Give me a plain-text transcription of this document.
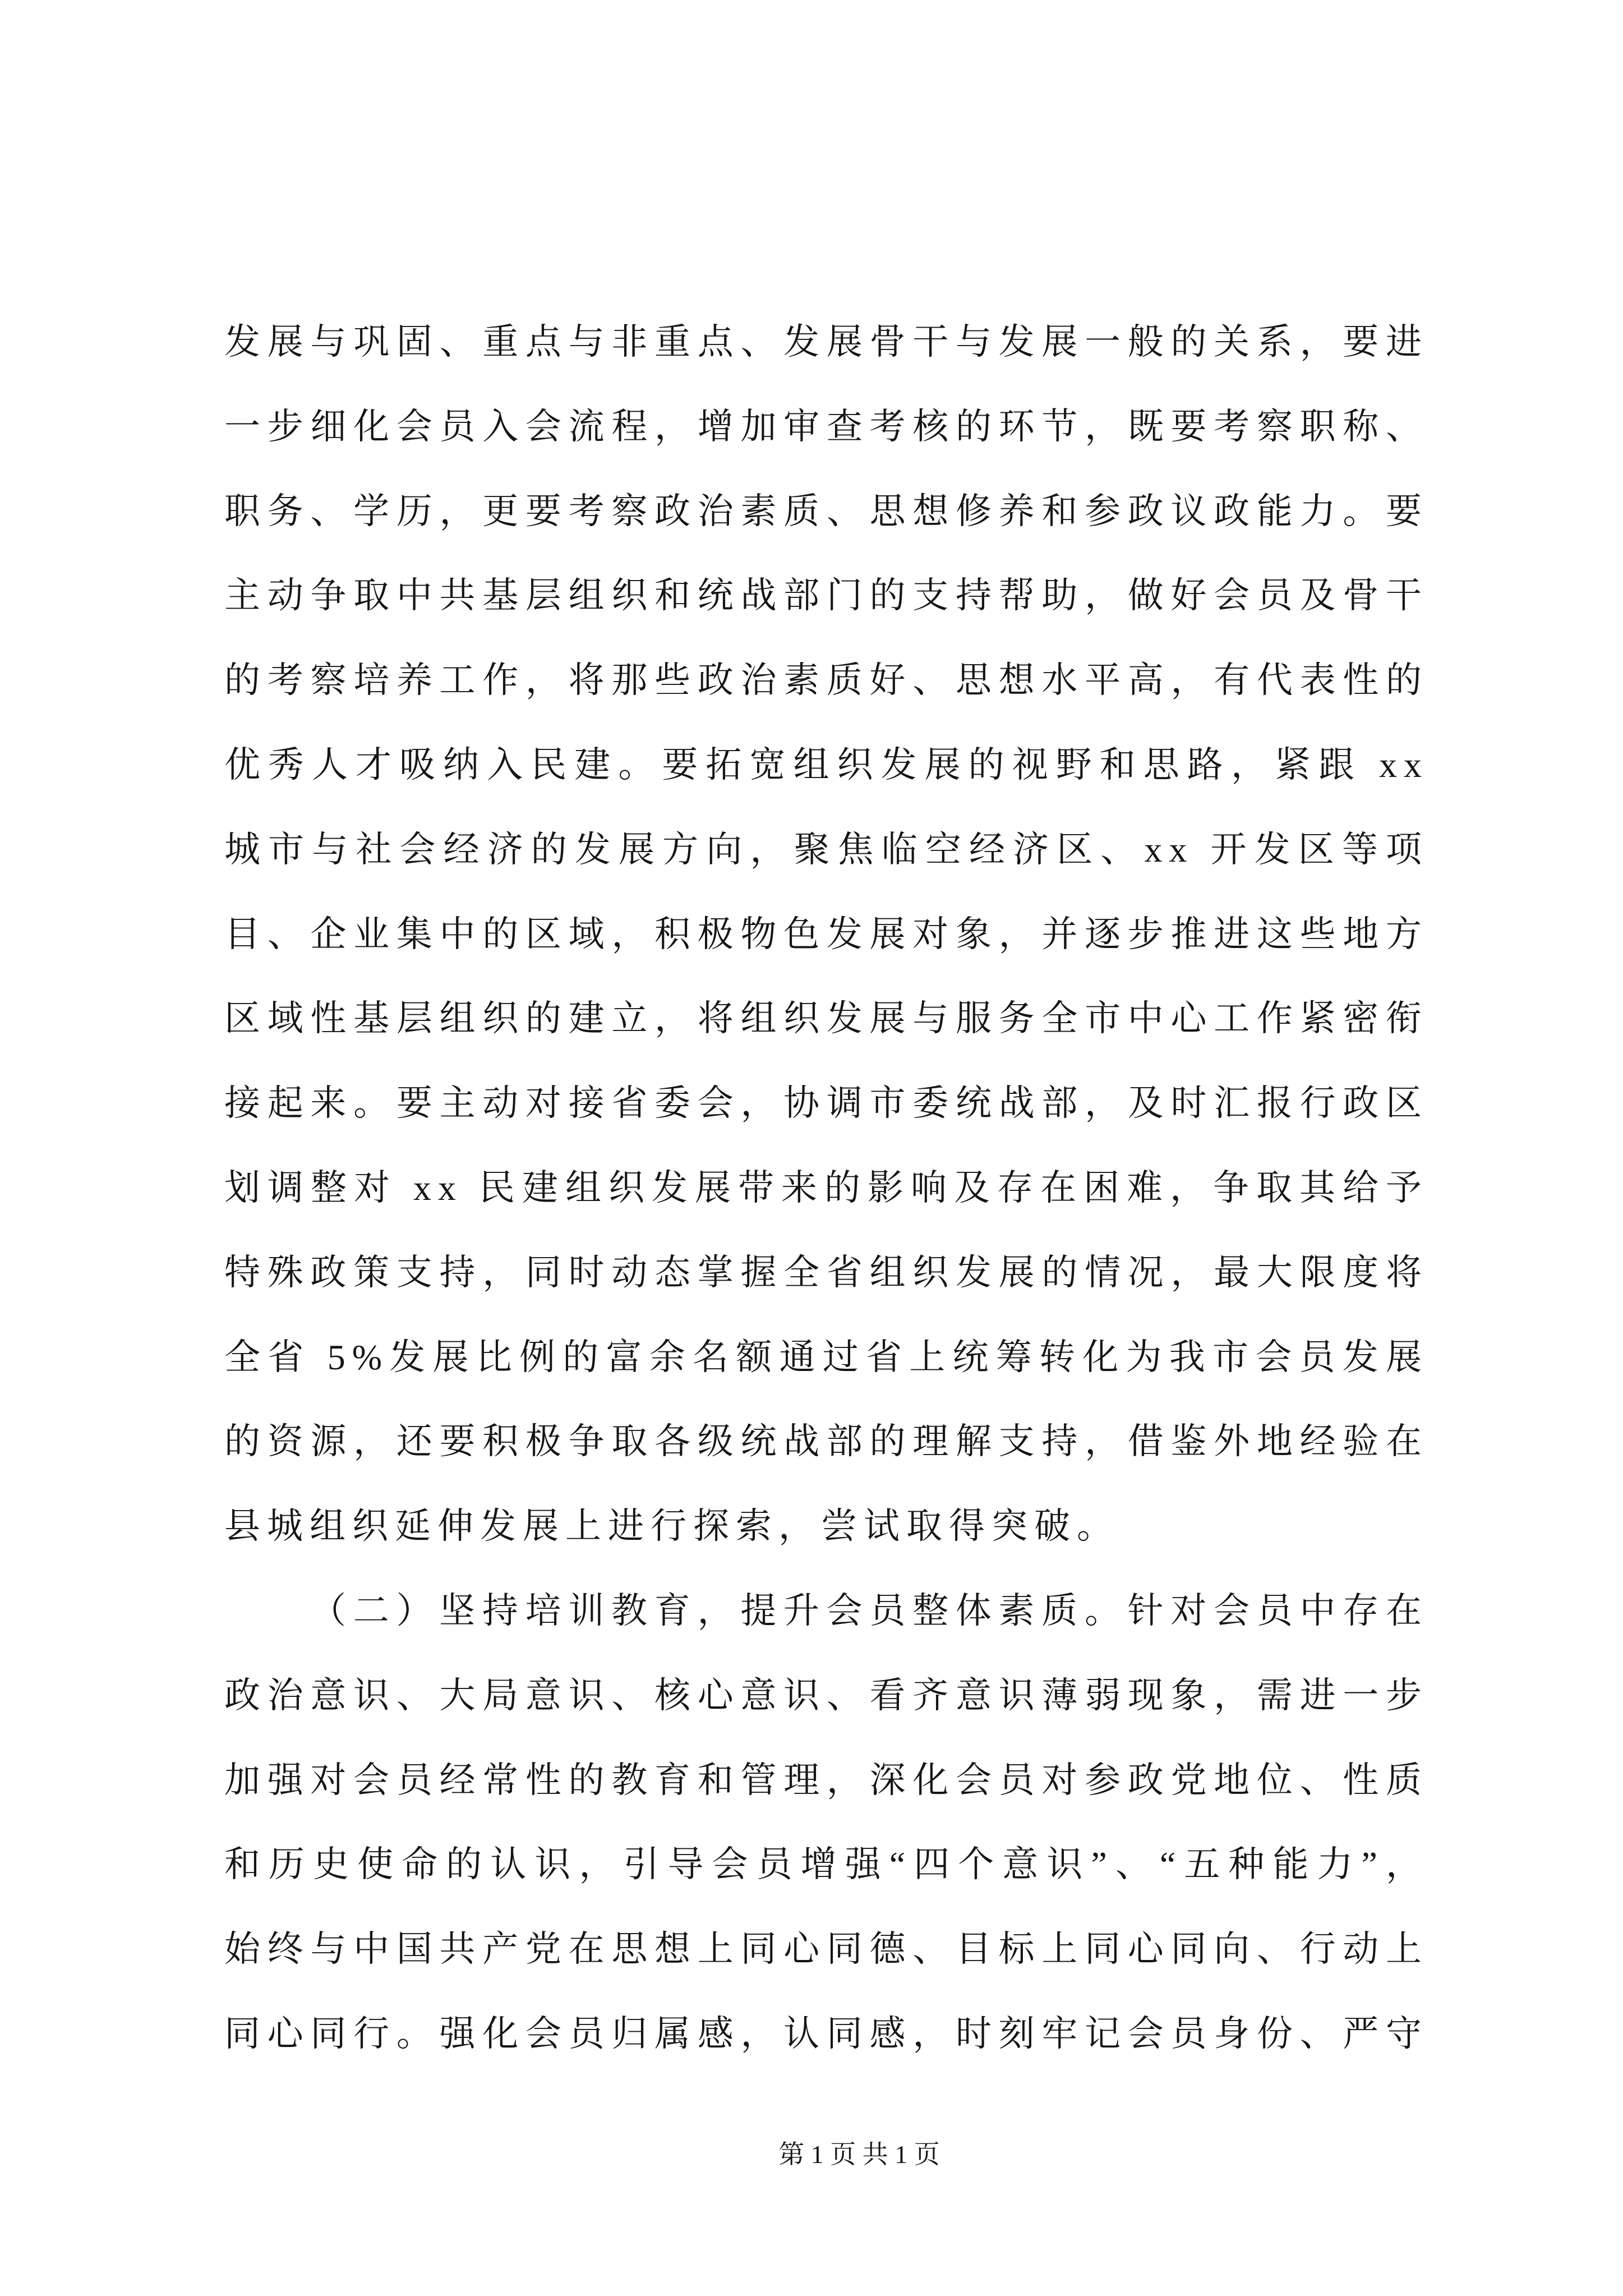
发展与巩固、重点与非重点、发展骨干与发展一般的关系，要进
一步细化会员入会流程，增加审查考核的环节，既要考察职称、
职务、学历，更要考察政治素质、思想修养和参政议政能力。要
主动争取中共基层组织和统战部门的支持帮助，做好会员及骨干
的考察培养工作，将那些政治素质好、思想水平高，有代表性的
优秀人才吸纳入民建。要拓宽组织发展的视野和思路，紧跟 xx
城市与社会经济的发展方向，聚焦临空经济区、xx 开发区等项
目、企业集中的区域，积极物色发展对象，并逐步推进这些地方
区域性基层组织的建立，将组织发展与服务全市中心工作紧密衔
接起来。要主动对接省委会，协调市委统战部，及时汇报行政区
划调整对 xx 民建组织发展带来的影响及存在困难，争取其给予
特殊政策支持，同时动态掌握全省组织发展的情况，最大限度将
全省 5%发展比例的富余名额通过省上统筹转化为我市会员发展
的资源，还要积极争取各级统战部的理解支持，借鉴外地经验在
县城组织延伸发展上进行探索，尝试取得突破。
（二）坚持培训教育，提升会员整体素质。针对会员中存在
政治意识、大局意识、核心意识、看齐意识薄弱现象，需进一步
加强对会员经常性的教育和管理，深化会员对参政党地位、性质
和历史使命的认识，引导会员增强“四个意识”、“五种能力”，
始终与中国共产党在思想上同心同德、目标上同心同向、行动上
同心同行。强化会员归属感，认同感，时刻牢记会员身份、严守
第 1 页 共 1 页
